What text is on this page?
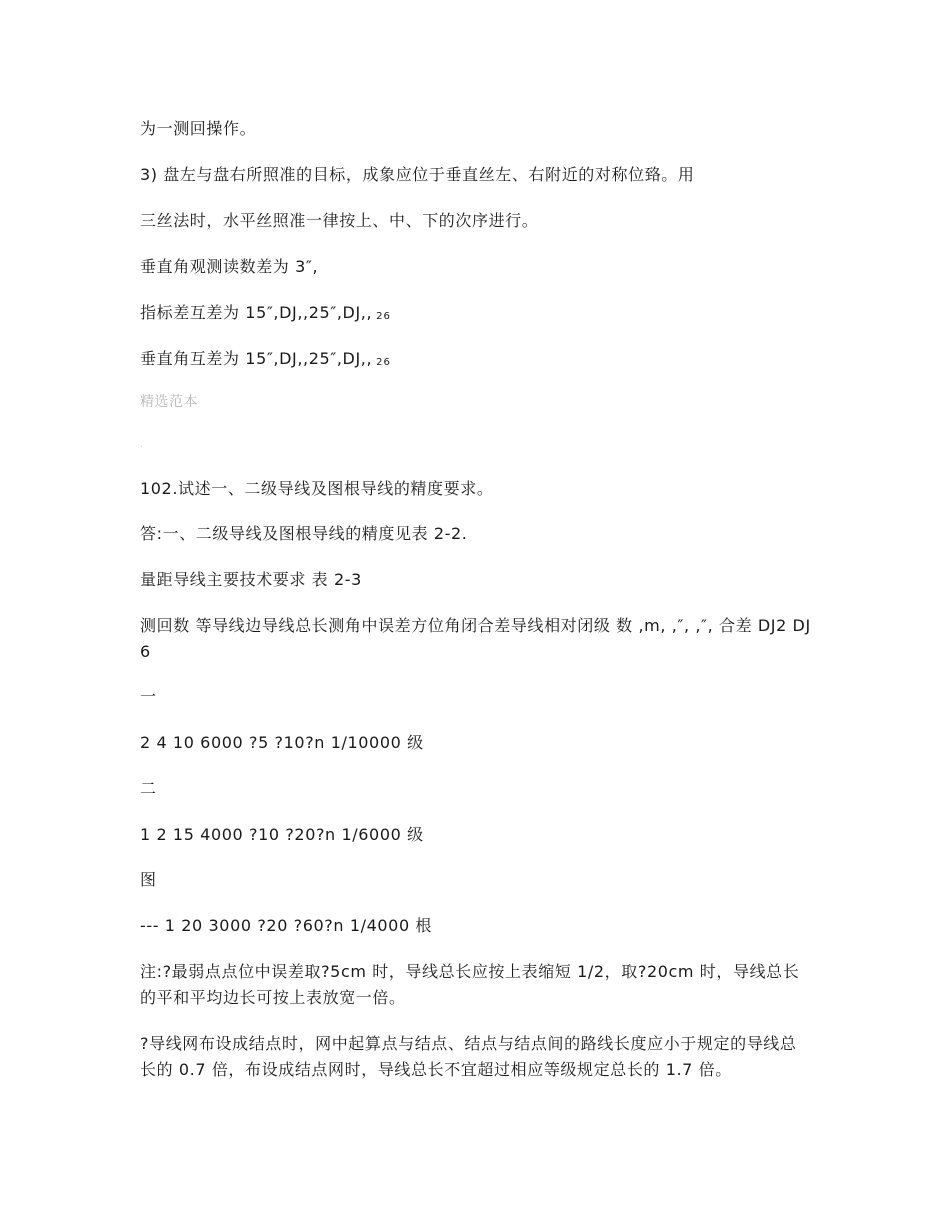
为一测回操作。
3) 盘左与盘右所照准的目标，成象应位于垂直丝左、右附近的对称位臵。用
三丝法时，水平丝照准一律按上、中、下的次序进行。
垂直角观测读数差为 3″,
指标差互差为 15″,DJ,,25″,DJ,, 26
垂直角互差为 15″,DJ,,25″,DJ,, 26
精选范本
.
102.试述一、二级导线及图根导线的精度要求。
答:一、二级导线及图根导线的精度见表 2-2.
量距导线主要技术要求 表 2-3
测回数 等导线边导线总长测角中误差方位角闭合差导线相对闭级 数 ,m, ,″, ,″, 合差 DJ2 DJ6
一
2 4 10 6000 ?5 ?10?n 1/10000 级
二
1 2 15 4000 ?10 ?20?n 1/6000 级
图
--- 1 20 3000 ?20 ?60?n 1/4000 根
注:?最弱点点位中误差取?5cm 时，导线总长应按上表缩短 1/2，取?20cm 时，导线总长的平和平均边长可按上表放宽一倍。
?导线网布设成结点时，网中起算点与结点、结点与结点间的路线长度应小于规定的导线总长的 0.7 倍，布设成结点网时，导线总长不宜超过相应等级规定总长的 1.7 倍。
